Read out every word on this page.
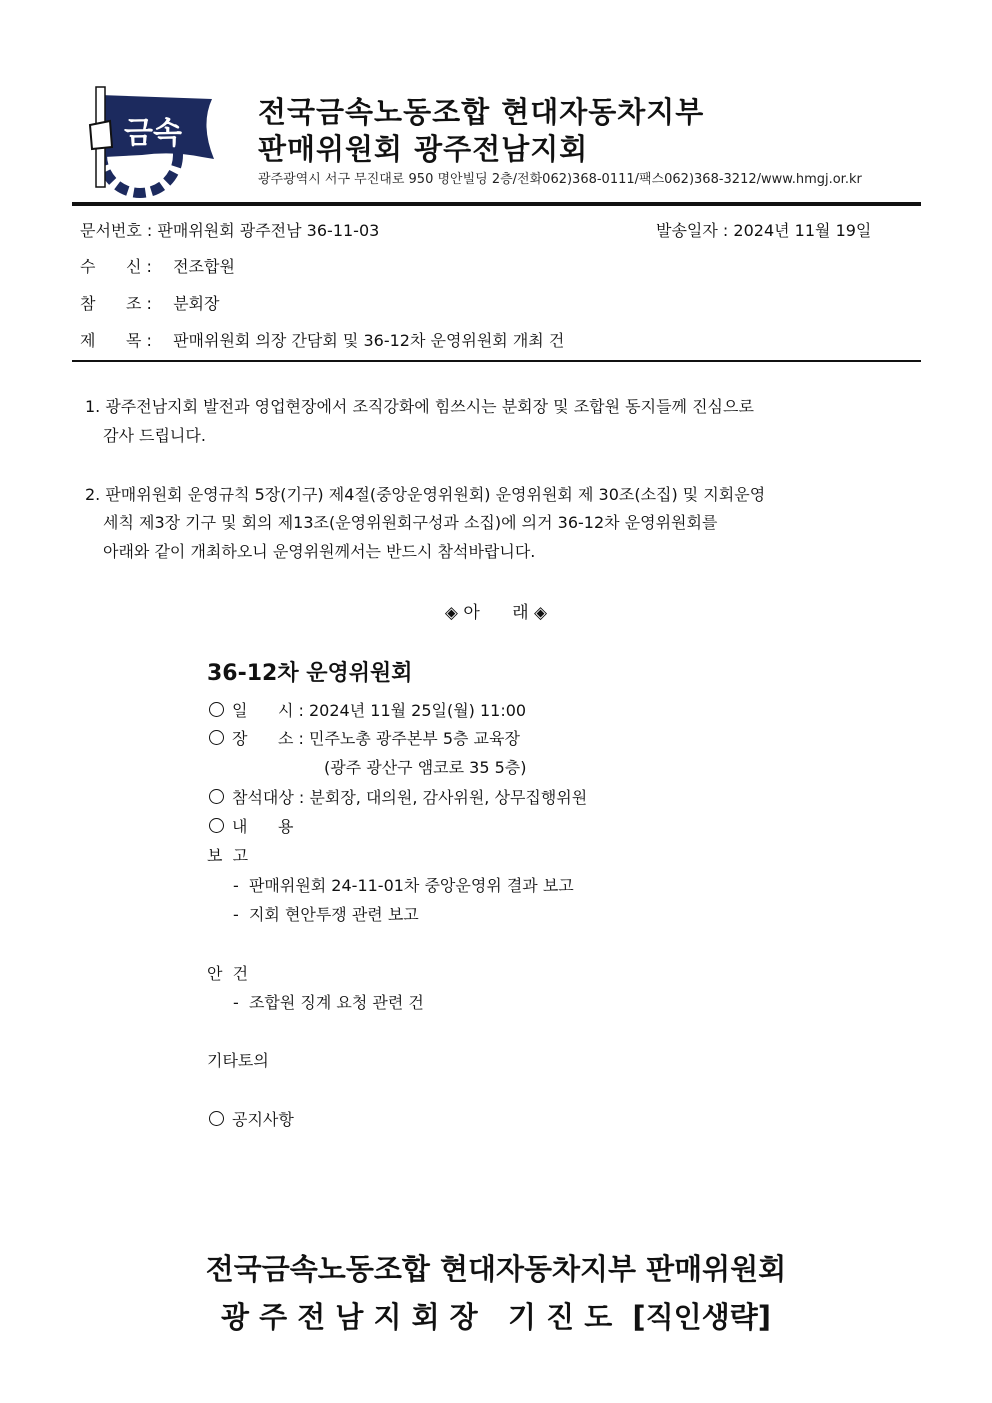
금속
전국금속노동조합 현대자동차지부
판매위원회 광주전남지회
광주광역시 서구 무진대로 950 명안빌딩 2층/전화062)368-0111/팩스062)368-3212/www.hmgj.or.kr
문서번호 : 판매위원회 광주전남 36-11-03	발송일자 : 2024년 11월 19일
수      신 : 전조합원
참      조 : 분회장
제      목 : 판매위원회 의장 간담회 및 36-12차 운영위원회 개최 건
1. 광주전남지회 발전과 영업현장에서 조직강화에 힘쓰시는 분회장 및 조합원 동지들께 진심으로
감사 드립니다.
2. 판매위원회 운영규칙 5장(기구) 제4절(중앙운영위원회) 운영위원회 제 30조(소집) 및 지회운영
세칙 제3장 기구 및 회의 제13조(운영위원회구성과 소집)에 의거 36-12차 운영위원회를
아래와 같이 개최하오니 운영위원께서는 반드시 참석바랍니다.
◈ 아      래 ◈
36-12차 운영위원회
일      시 : 2024년 11월 25일(월) 11:00
장      소 : 민주노총 광주본부 5층 교육장
(광주 광산구 앰코로 35 5층)
참석대상 : 분회장, 대의원, 감사위원, 상무집행위원
내      용
보  고
-  판매위원회 24-11-01차 중앙운영위 결과 보고
-  지회 현안투쟁 관련 보고
안  건
-  조합원 징계 요청 관련 건
기타토의
공지사항
전국금속노동조합 현대자동차지부 판매위원회
광 주 전 남 지 회 장   기 진 도  [직인생략]
